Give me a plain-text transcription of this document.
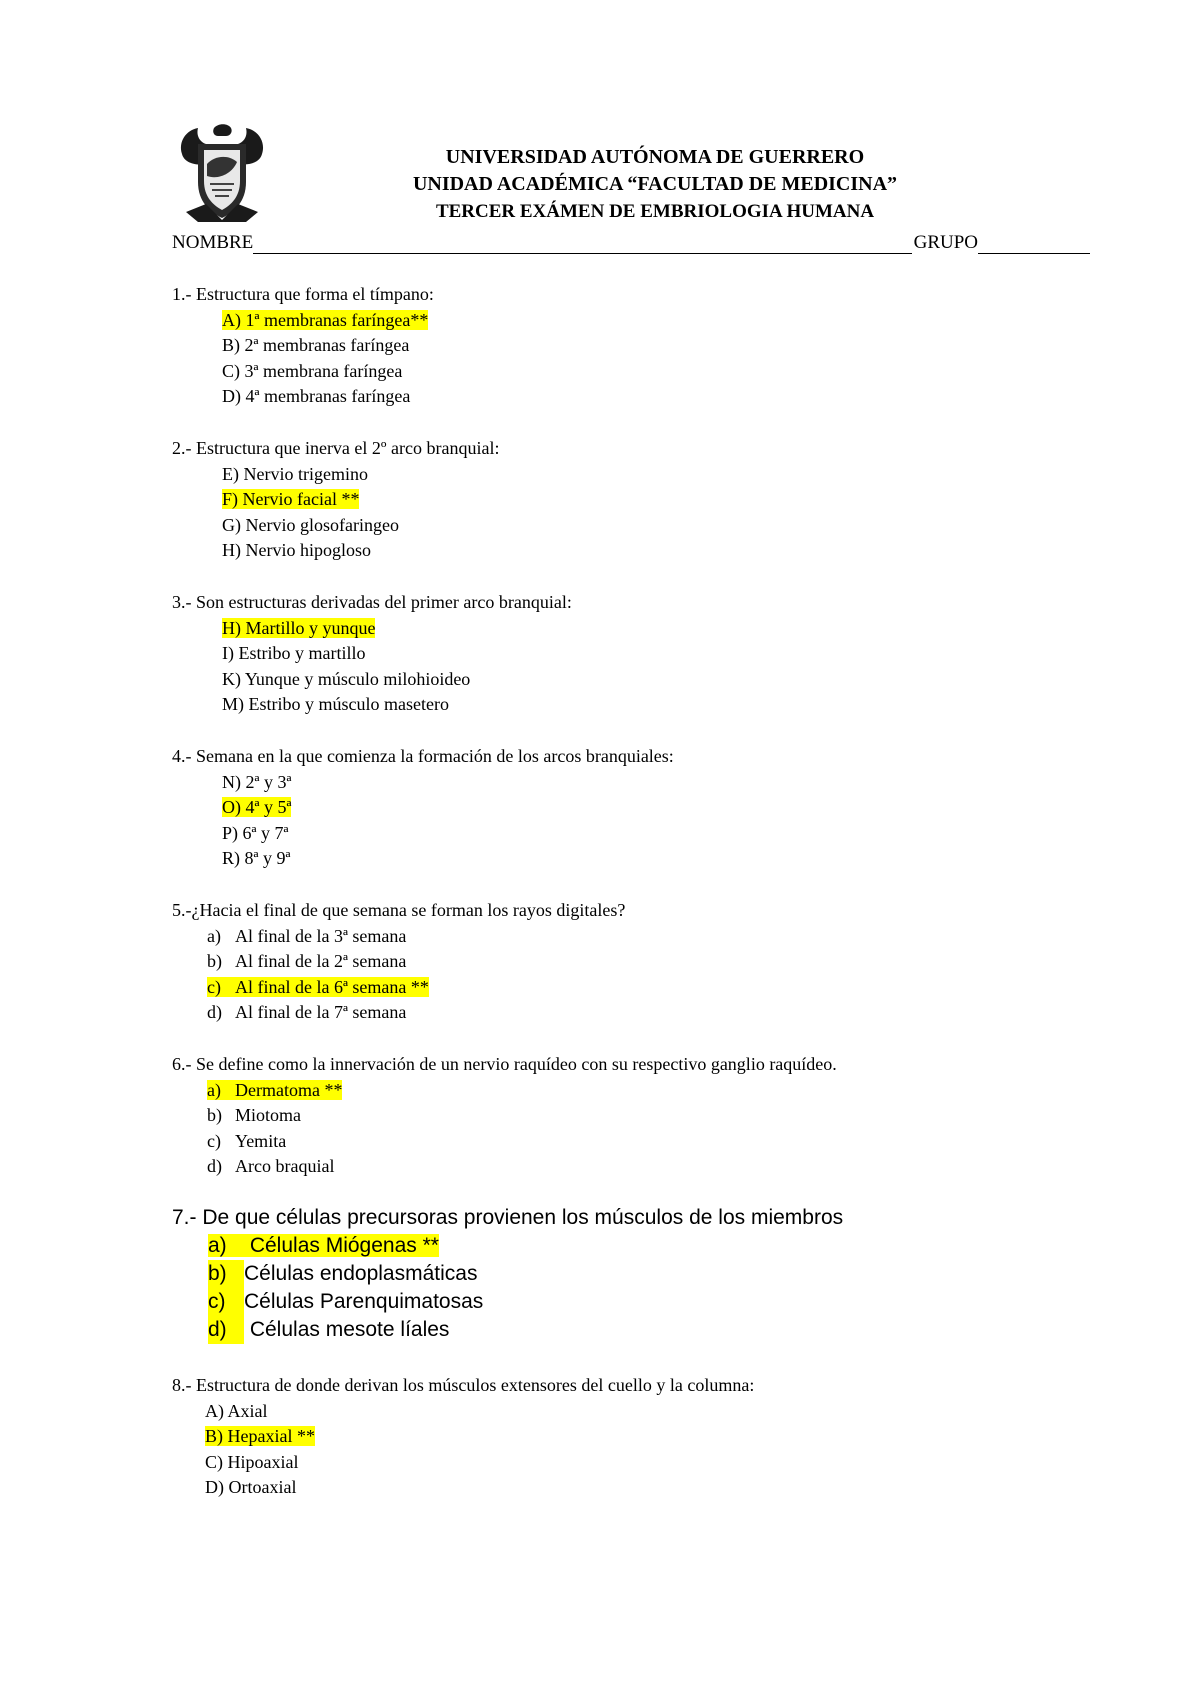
UNIVERSIDAD AUTÓNOMA DE GUERRERO
UNIDAD ACADÉMICA “FACULTAD DE MEDICINA”
TERCER EXÁMEN DE EMBRIOLOGIA HUMANA
NOMBRE	GRUPO
1.- Estructura que forma el tímpano:
A) 1ª membranas faríngea**
B) 2ª membranas faríngea
C) 3ª membrana faríngea
D) 4ª membranas faríngea
2.- Estructura que inerva el 2º arco branquial:
E) Nervio trigemino
F) Nervio facial **
G) Nervio glosofaringeo
H) Nervio hipogloso
3.- Son estructuras derivadas del primer arco branquial:
H) Martillo y yunque
I) Estribo y martillo
K) Yunque y músculo milohioideo
M) Estribo y músculo masetero
4.- Semana en la que comienza la formación de los arcos branquiales:
N) 2ª y 3ª
O) 4ª y 5ª
P) 6ª y 7ª
R) 8ª y 9ª
5.-¿Hacia el final de que semana se forman los rayos digitales?
a) Al final de la 3ª semana
b) Al final de la 2ª semana
c) Al final de la 6ª semana **
d) Al final de la 7ª semana
6.- Se define como la innervación de un nervio raquídeo con su respectivo ganglio raquídeo.
a) Dermatoma **
b) Miotoma
c) Yemita
d) Arco braquial
7.- De que células precursoras provienen los músculos de los miembros
a) Células Miógenas **
b) Células endoplasmáticas
c) Células Parenquimatosas
d) Células mesote líales
8.- Estructura de donde derivan los músculos extensores del cuello y la columna:
A) Axial
B) Hepaxial **
C) Hipoaxial
D) Ortoaxial
